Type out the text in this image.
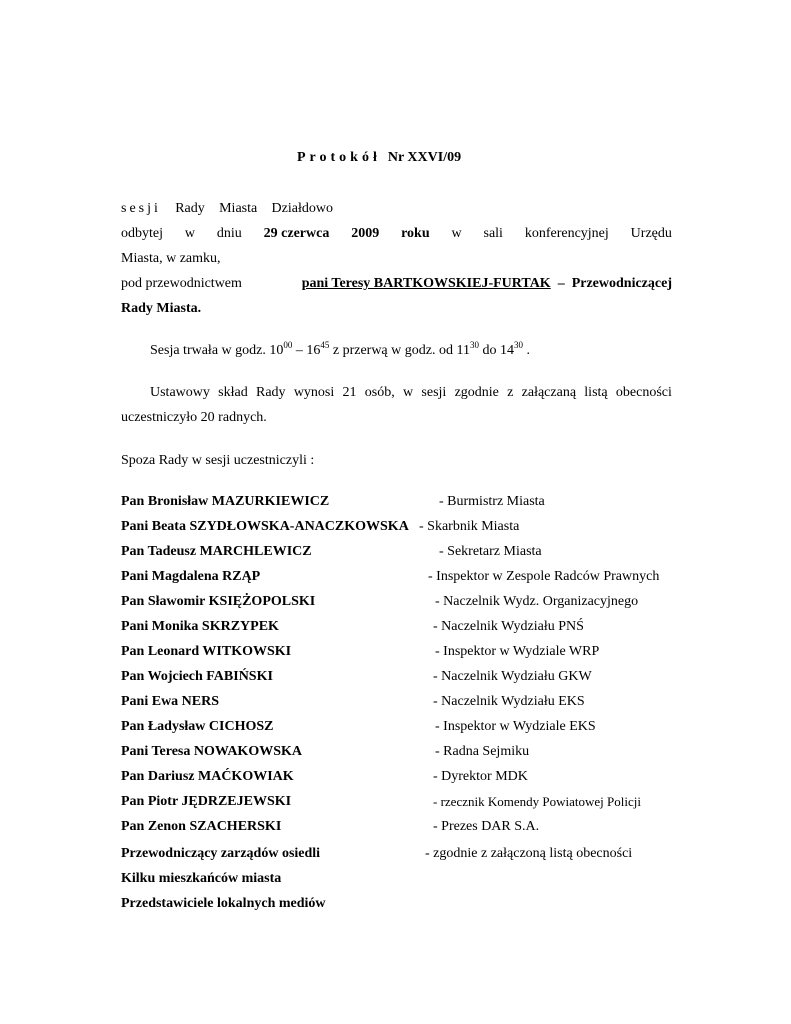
Protokół Nr XXVI/09
sesji Rady Miasta Działdowo
odbytej w dniu 29 czerwca 2009 roku w sali konferencyjnej Urzędu
Miasta, w zamku,
pod przewodnictwem	pani Teresy BARTKOWSKIEJ-FURTAK – Przewodniczącej
Rady Miasta.
Sesja trwała w godz. $10^{00} - 16^{45}$ z przerwą w godz. od $11^{30}$ do $14^{30}$ .
Ustawowy skład Rady wynosi 21 osób, w sesji zgodnie z załączaną listą obecności
uczestniczyło 20 radnych.
Spoza Rady w sesji uczestniczyli :
Pan Bronisław MAZURKIEWICZ	- Burmistrz Miasta
Pani Beata SZYDŁOWSKA-ANACZKOWSKA - Skarbnik Miasta
Pan Tadeusz MARCHLEWICZ	- Sekretarz Miasta
Pani Magdalena RZĄP	- Inspektor w Zespole Radców Prawnych
Pan Sławomir KSIĘŻOPOLSKI	- Naczelnik Wydz. Organizacyjnego
Pani Monika SKRZYPEK	- Naczelnik Wydziału PNŚ
Pan Leonard WITKOWSKI	- Inspektor w Wydziale WRP
Pan Wojciech FABIŃSKI	- Naczelnik Wydziału GKW
Pani Ewa NERS	- Naczelnik Wydziału EKS
Pan Ładysław CICHOSZ	- Inspektor w Wydziale EKS
Pani Teresa NOWAKOWSKA	- Radna Sejmiku
Pan Dariusz MAĆKOWIAK	- Dyrektor MDK
Pan Piotr JĘDRZEJEWSKI	- rzecznik Komendy Powiatowej Policji
Pan Zenon SZACHERSKI	- Prezes DAR S.A.
Przewodniczący zarządów osiedli	- zgodnie z załączoną listą obecności
Kilku mieszkańców miasta
Przedstawiciele lokalnych mediów
